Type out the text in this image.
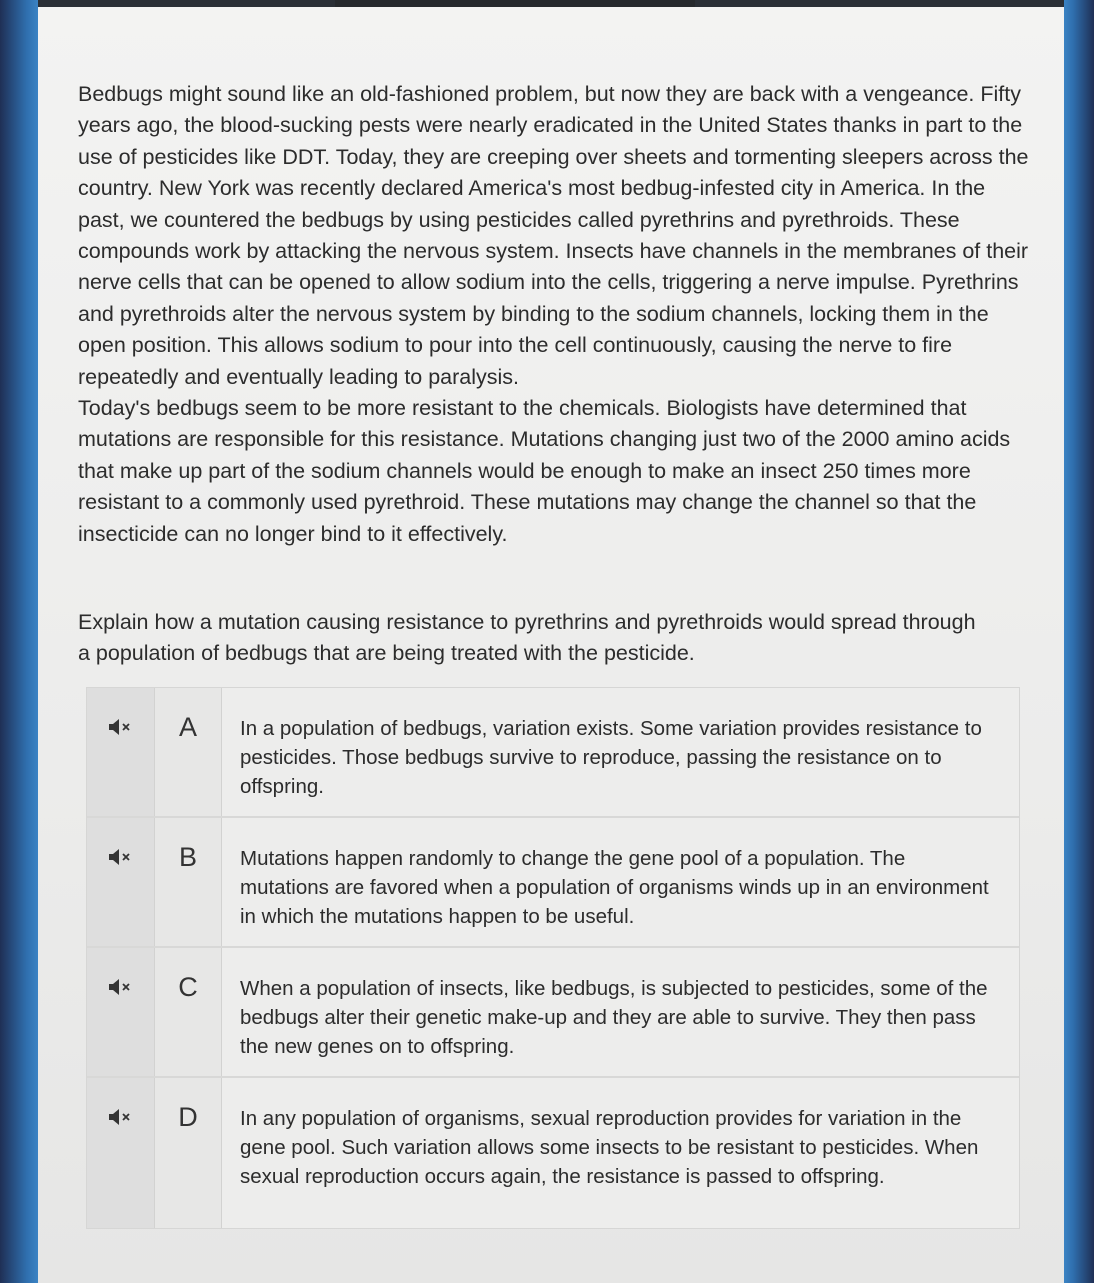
Bedbugs might sound like an old-fashioned problem, but now they are back with a vengeance. Fifty years ago, the blood-sucking pests were nearly eradicated in the United States thanks in part to the use of pesticides like DDT. Today, they are creeping over sheets and tormenting sleepers across the country. New York was recently declared America's most bedbug-infested city in America. In the past, we countered the bedbugs by using pesticides called pyrethrins and pyrethroids. These compounds work by attacking the nervous system. Insects have channels in the membranes of their nerve cells that can be opened to allow sodium into the cells, triggering a nerve impulse. Pyrethrins and pyrethroids alter the nervous system by binding to the sodium channels, locking them in the open position. This allows sodium to pour into the cell continuously, causing the nerve to fire repeatedly and eventually leading to paralysis.

Today's bedbugs seem to be more resistant to the chemicals. Biologists have determined that mutations are responsible for this resistance. Mutations changing just two of the 2000 amino acids that make up part of the sodium channels would be enough to make an insect 250 times more resistant to a commonly used pyrethroid. These mutations may change the channel so that the insecticide can no longer bind to it effectively.

Explain how a mutation causing resistance to pyrethrins and pyrethroids would spread through a population of bedbugs that are being treated with the pesticide.
A	In a population of bedbugs, variation exists. Some variation provides resistance to pesticides. Those bedbugs survive to reproduce, passing the resistance on to offspring.
B	Mutations happen randomly to change the gene pool of a population. The mutations are favored when a population of organisms winds up in an environment in which the mutations happen to be useful.
C	When a population of insects, like bedbugs, is subjected to pesticides, some of the bedbugs alter their genetic make-up and they are able to survive. They then pass the new genes on to offspring.
D	In any population of organisms, sexual reproduction provides for variation in the gene pool. Such variation allows some insects to be resistant to pesticides. When sexual reproduction occurs again, the resistance is passed to offspring.
